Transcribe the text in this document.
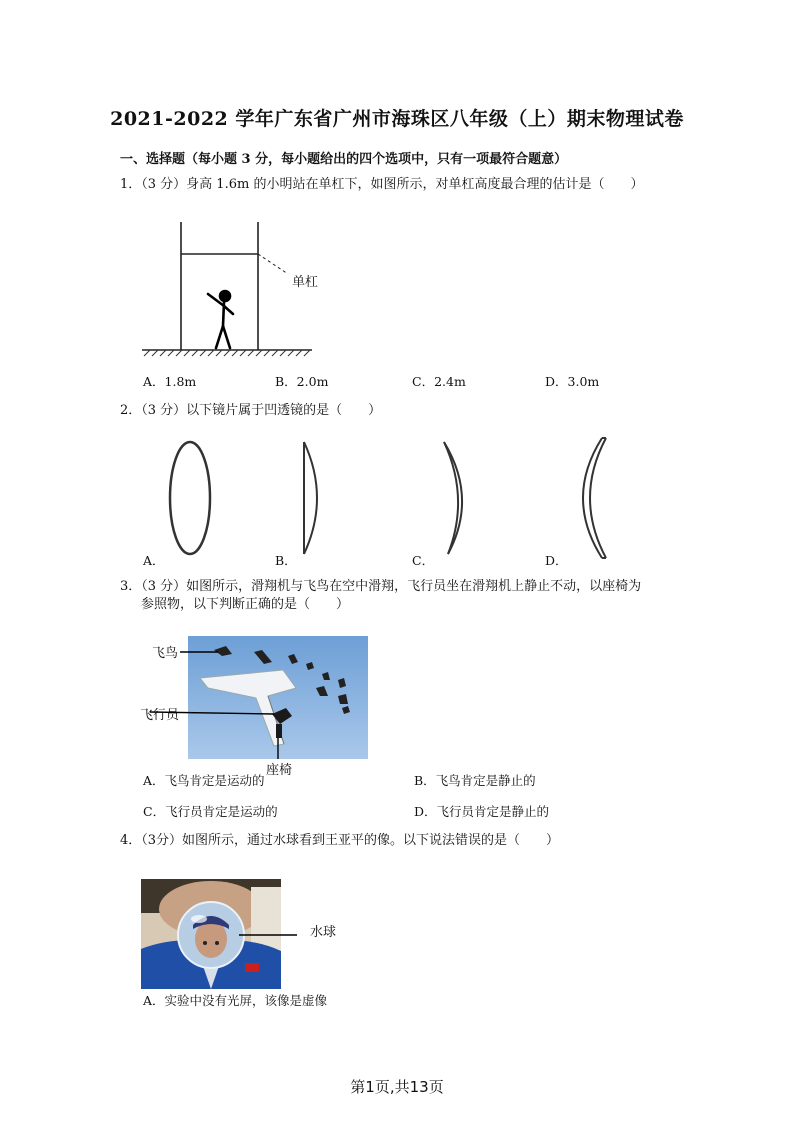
2021-2022 学年广东省广州市海珠区八年级（上）期末物理试卷
一、选择题（每小题 3 分，每小题给出的四个选项中，只有一项最符合题意）
1．（3 分）身高 1.6m 的小明站在单杠下，如图所示，对单杠高度最合理的估计是（　　）
单杠
A．1.8m	B．2.0m	C．2.4m	D．3.0m
2．（3 分）以下镜片属于凹透镜的是（　　）
A．	B．	C．	D．
3．（3 分）如图所示，滑翔机与飞鸟在空中滑翔，飞行员坐在滑翔机上静止不动，以座椅为
参照物，以下判断正确的是（　　）
飞鸟
飞行员
座椅
A．飞鸟肯定是运动的	B．飞鸟肯定是静止的
C．飞行员肯定是运动的	D．飞行员肯定是静止的
4．（3分）如图所示，通过水球看到王亚平的像。以下说法错误的是（　　）
水球
A．实验中没有光屏，该像是虚像
第1页,共13页
